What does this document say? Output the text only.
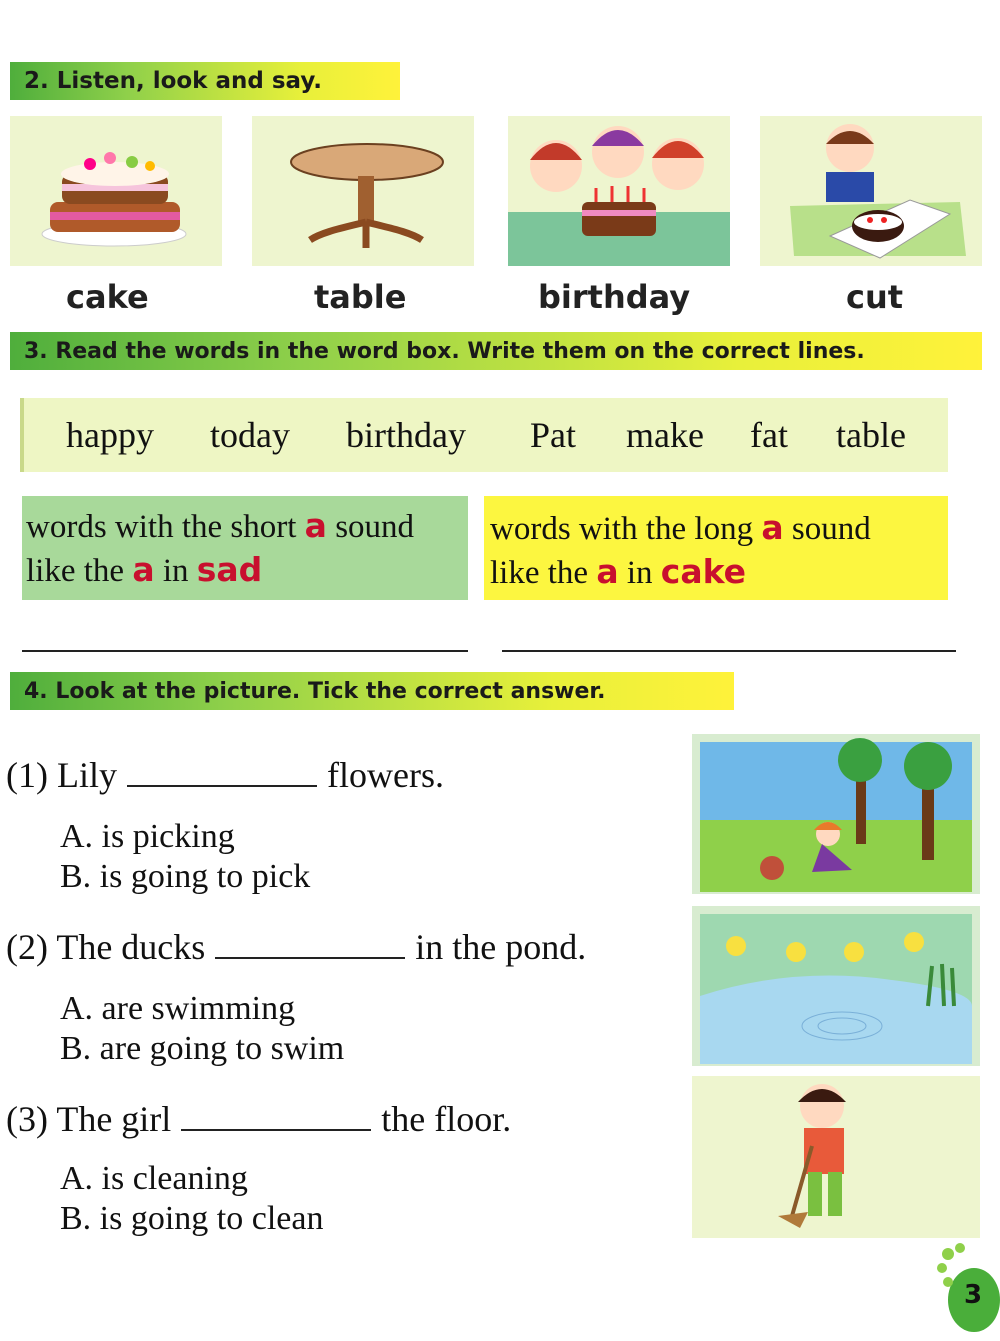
2. Listen, look and say.
cake	table	birthday	cut
3. Read the words in the word box. Write them on the correct lines.
happy today birthday Pat make fat table
words with the short a sound
like the a in sad
words with the long a sound
like the a in cake
4. Look at the picture. Tick the correct answer.
(1) Lily	flowers.
A. is picking
B. is going to pick
(2) The ducks	in the pond.
A. are swimming
B. are going to swim
(3) The girl	the floor.
A. is cleaning
B. is going to clean
3
